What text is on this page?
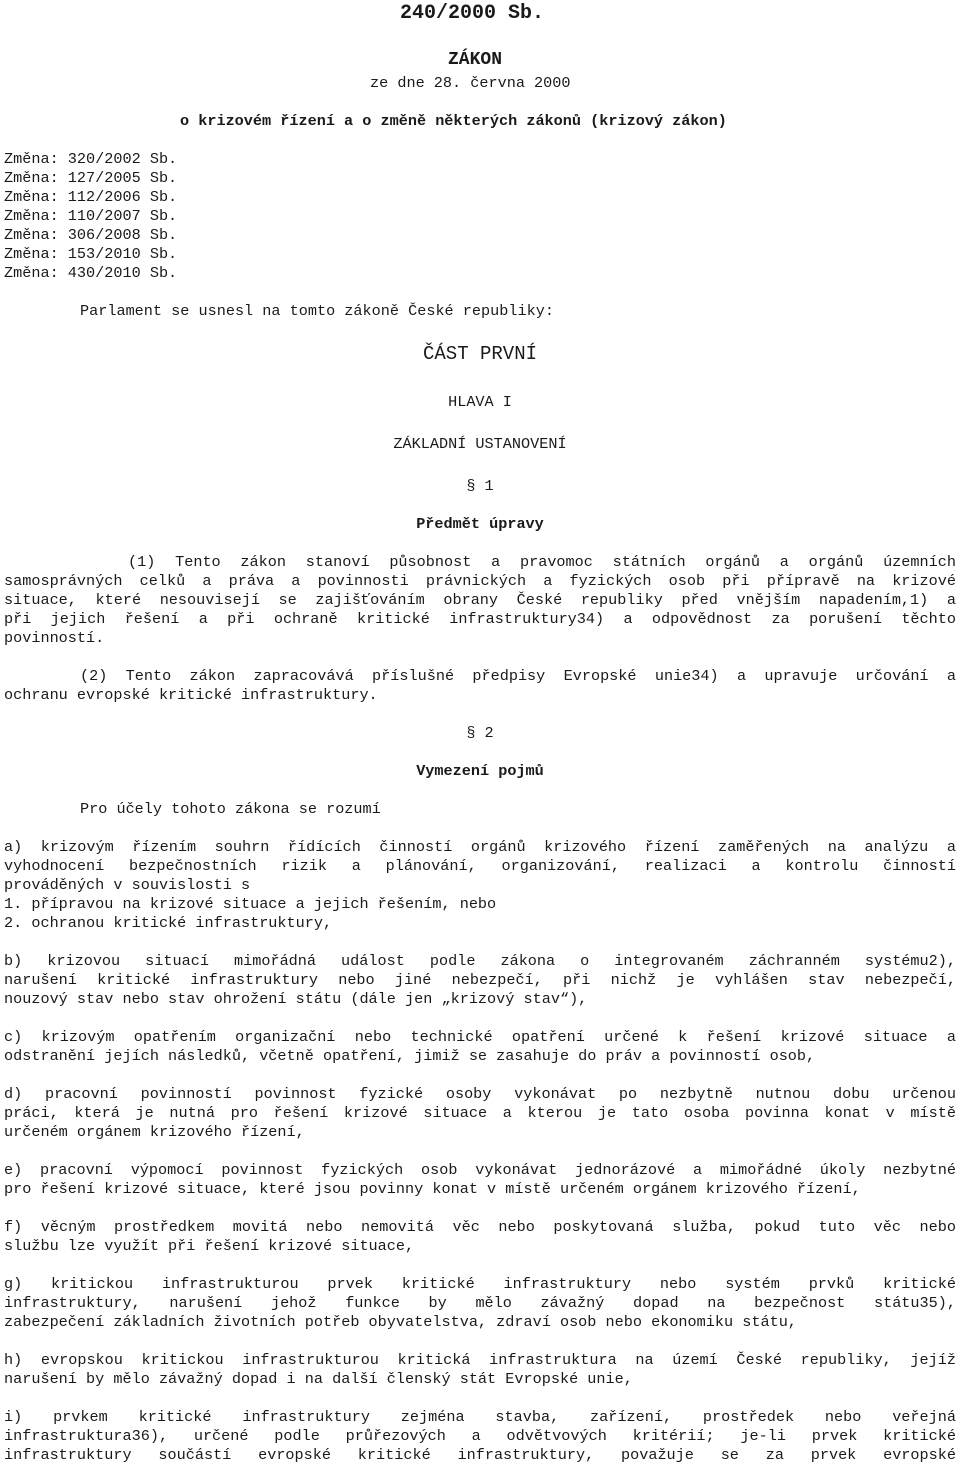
240/2000 Sb.
ZÁKON
ze dne 28. června 2000
o krizovém řízení a o změně některých zákonů (krizový zákon)
Změna: 320/2002 Sb.
Změna: 127/2005 Sb.
Změna: 112/2006 Sb.
Změna: 110/2007 Sb.
Změna: 306/2008 Sb.
Změna: 153/2010 Sb.
Změna: 430/2010 Sb.
Parlament se usnesl na tomto zákoně České republiky:
ČÁST PRVNÍ
HLAVA I
ZÁKLADNÍ USTANOVENÍ
§ 1
Předmět úpravy
(1) Tento zákon stanoví působnost a pravomoc státních orgánů a orgánů územních
samosprávných celků a práva a povinnosti právnických a fyzických osob při přípravě na krizové
situace, které nesouvisejí se zajišťováním obrany České republiky před vnějším napadením,1) a
při jejich řešení a při ochraně kritické infrastruktury34) a odpovědnost za porušení těchto
povinností.
(2) Tento zákon zapracovává příslušné předpisy Evropské unie34) a upravuje určování a
ochranu evropské kritické infrastruktury.
§ 2
Vymezení pojmů
Pro účely tohoto zákona se rozumí
a) krizovým řízením souhrn řídících činností orgánů krizového řízení zaměřených na analýzu a
vyhodnocení bezpečnostních rizik a plánování, organizování, realizaci a kontrolu činností
prováděných v souvislosti s
1. přípravou na krizové situace a jejich řešením, nebo
2. ochranou kritické infrastruktury,
b) krizovou situací mimořádná událost podle zákona o integrovaném záchranném systému2),
narušení kritické infrastruktury nebo jiné nebezpečí, při nichž je vyhlášen stav nebezpečí,
nouzový stav nebo stav ohrožení státu (dále jen „krizový stav“),
c) krizovým opatřením organizační nebo technické opatření určené k řešení krizové situace a
odstranění jejích následků, včetně opatření, jimiž se zasahuje do práv a povinností osob,
d) pracovní povinností povinnost fyzické osoby vykonávat po nezbytně nutnou dobu určenou
práci, která je nutná pro řešení krizové situace a kterou je tato osoba povinna konat v místě
určeném orgánem krizového řízení,
e) pracovní výpomocí povinnost fyzických osob vykonávat jednorázové a mimořádné úkoly nezbytné
pro řešení krizové situace, které jsou povinny konat v místě určeném orgánem krizového řízení,
f) věcným prostředkem movitá nebo nemovitá věc nebo poskytovaná služba, pokud tuto věc nebo
službu lze využít při řešení krizové situace,
g) kritickou infrastrukturou prvek kritické infrastruktury nebo systém prvků kritické
infrastruktury, narušení jehož funkce by mělo závažný dopad na bezpečnost státu35),
zabezpečení základních životních potřeb obyvatelstva, zdraví osob nebo ekonomiku státu,
h) evropskou kritickou infrastrukturou kritická infrastruktura na území České republiky, jejíž
narušení by mělo závažný dopad i na další členský stát Evropské unie,
i) prvkem kritické infrastruktury zejména stavba, zařízení, prostředek nebo veřejná
infrastruktura36), určené podle průřezových a odvětvových kritérií; je-li prvek kritické
infrastruktury součástí evropské kritické infrastruktury, považuje se za prvek evropské
